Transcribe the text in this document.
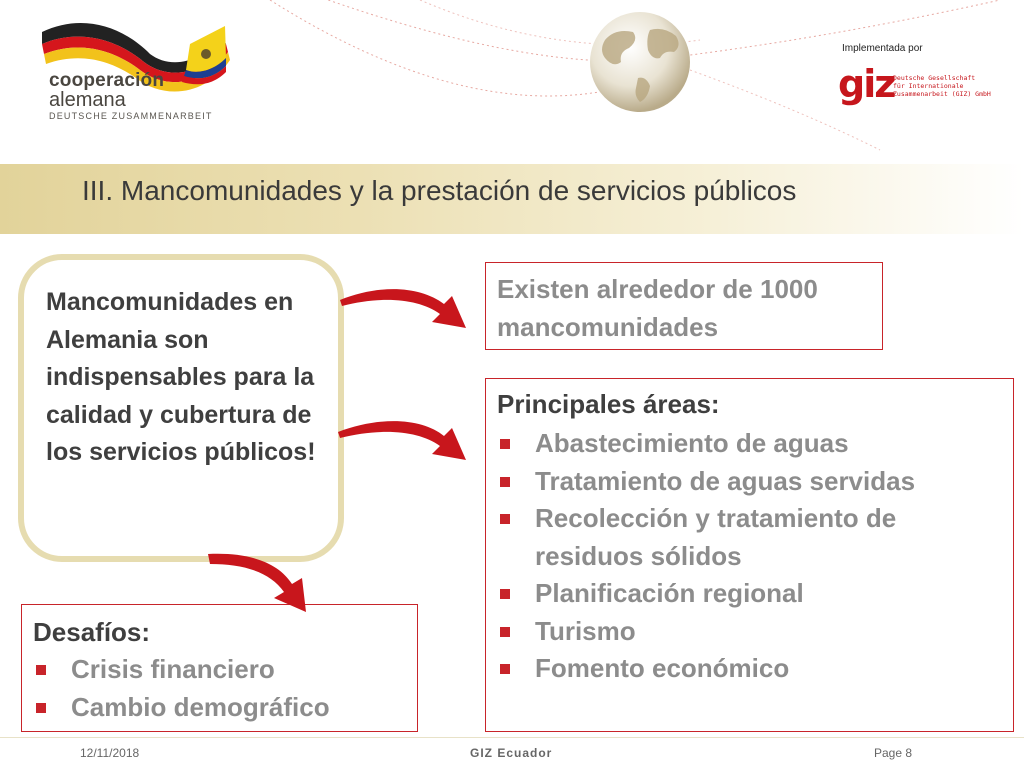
cooperación
alemana
DEUTSCHE ZUSAMMENARBEIT
Implementada por
giz
Deutsche Gesellschaft
für Internationale
Zusammenarbeit (GIZ) GmbH
III. Mancomunidades y la prestación de servicios públicos
Mancomunidades en Alemania son indispensables para la calidad y cubertura de los servicios públicos!
Existen alrededor de 1000 mancomunidades
Principales áreas:
Abastecimiento de aguas
Tratamiento de aguas servidas
Recolección y tratamiento de residuos sólidos
Planificación regional
Turismo
Fomento económico
Desafíos:
Crisis financiero
Cambio demográfico
12/11/2018	GIZ Ecuador	Page 8
